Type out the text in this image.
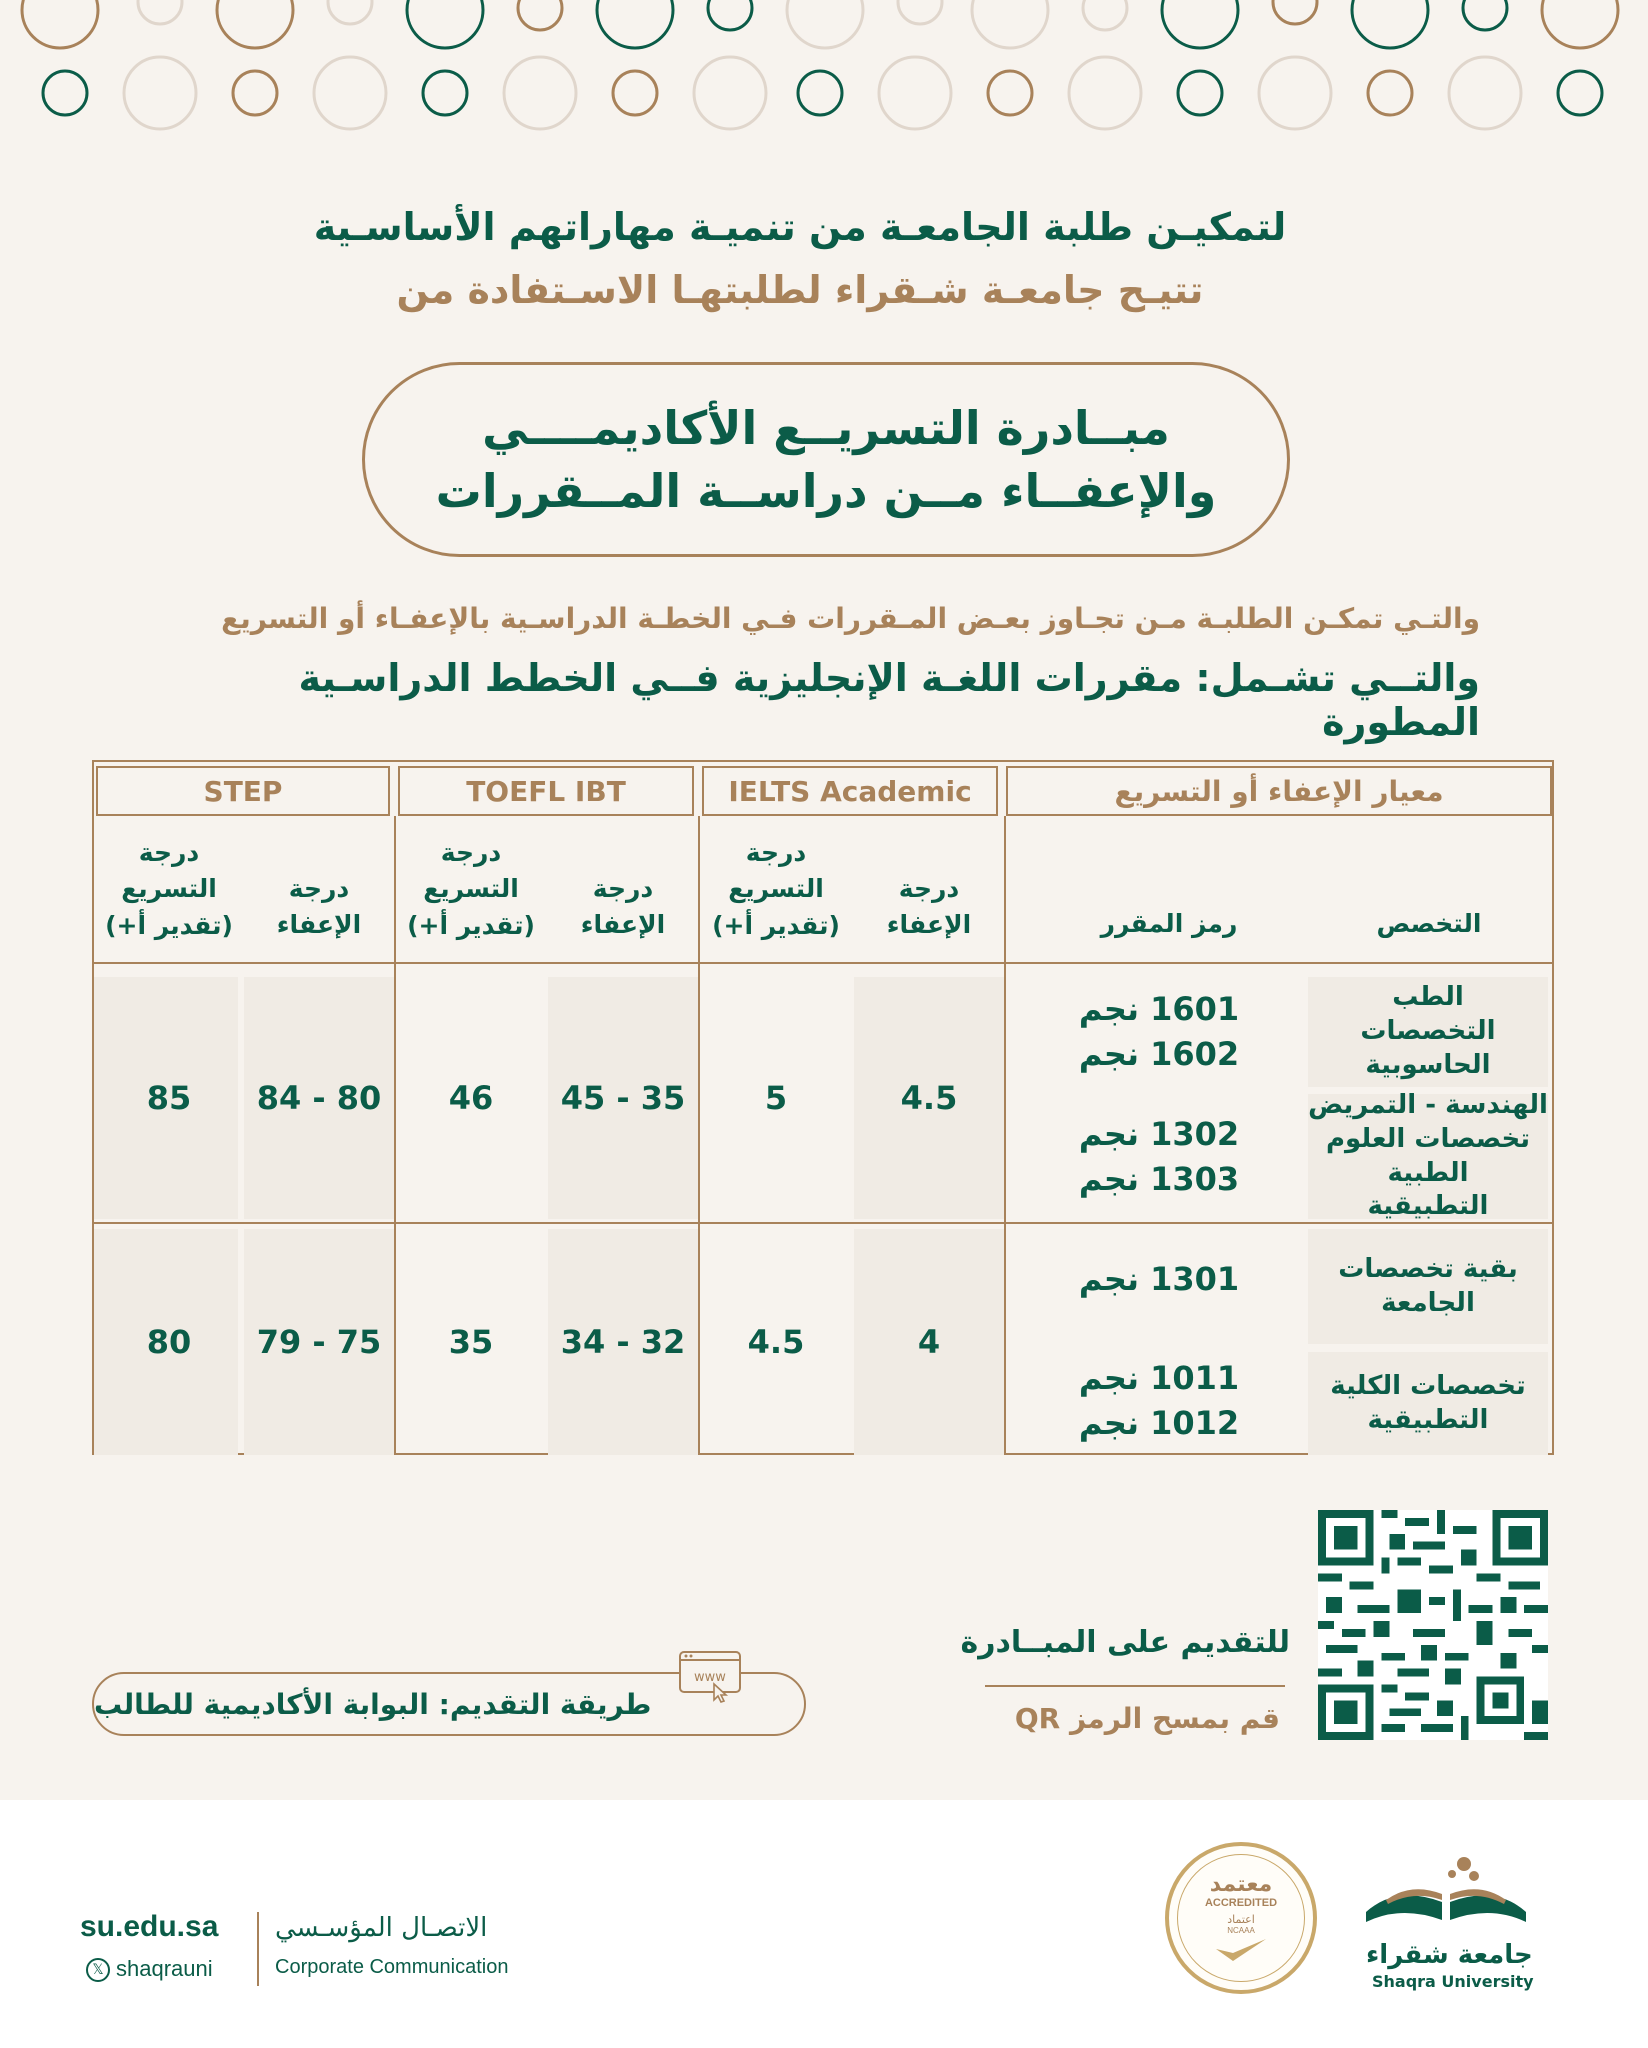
لتمكيـن طلبة الجامعـة من تنميـة مهاراتهم الأساسـية
تتيـح جامعـة شـقراء لطلبتهـا الاسـتفادة من
مبــادرة التسريــع الأكاديمــــي
والإعفــاء مــن دراســة المــقررات
والتـي تمكـن الطلبـة مـن تجـاوز بعـض المـقررات فـي الخطـة الدراسـية بالإعفـاء أو التسريع
والتــي تشـمل: مقررات اللغـة الإنجليزية فــي الخطط الدراسـية المطورة
معيار الإعفاء أو التسريع
IELTS Academic
TOEFL IBT
STEP
التخصص
رمز المقرر
درجة
الإعفاء
درجة
التسريع
(تقدير أ+)
درجة
الإعفاء
درجة
التسريع
(تقدير أ+)
درجة
الإعفاء
درجة
التسريع
(تقدير أ+)
الطب
التخصصات الحاسوبية
1601 نجم
1602 نجم
الهندسة - التمريض
تخصصات العلوم الطبية
التطبيقية
1302 نجم
1303 نجم
4.5
5
45 - 35
46
84 - 80
85
بقية تخصصات الجامعة
1301 نجم
تخصصات الكلية التطبيقية
1011 نجم
1012 نجم
4
4.5
34 - 32
35
79 - 75
80
للتقديم على المبــادرة
قم بمسح الرمز QR
طريقة التقديم: البوابة الأكاديمية للطالب
www
جامعة شقراء
Shaqra University
معتمد
ACCREDITED
اعتماد
NCAAA
الاتصـال المؤسـسي
Corporate Communication
su.edu.sa
𝕏 shaqrauni
